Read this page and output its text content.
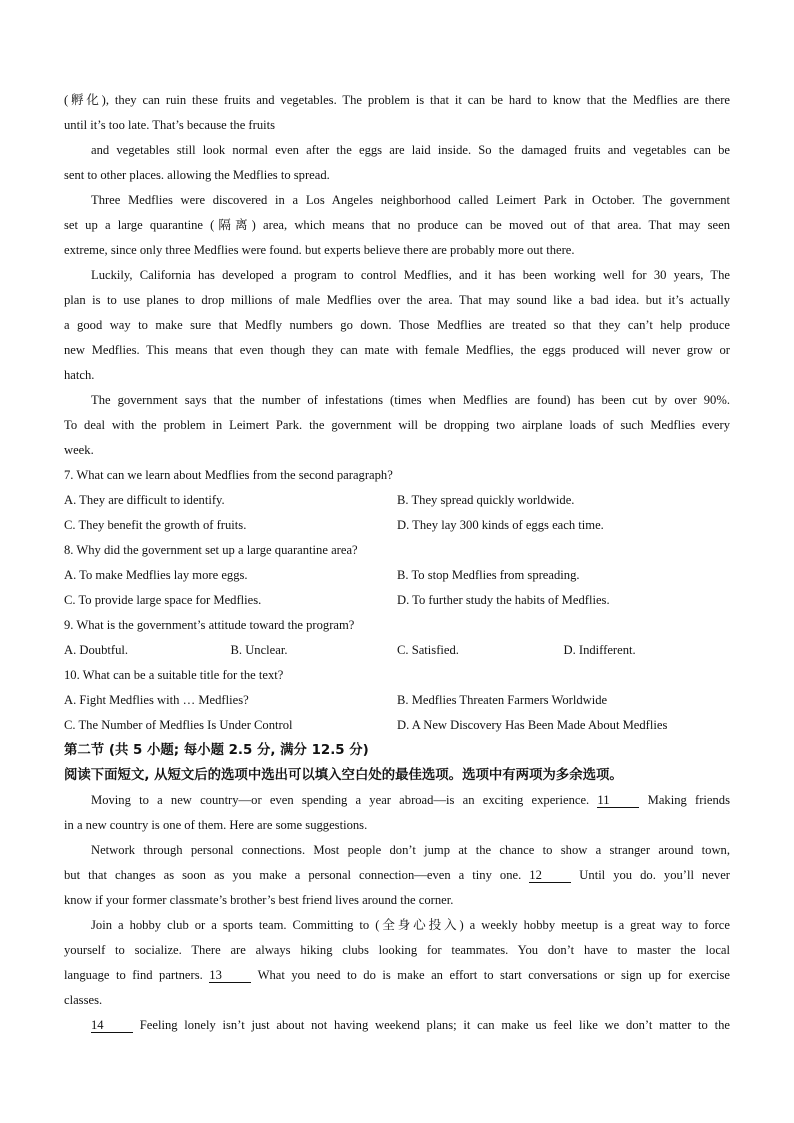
(孵化), they can ruin these fruits and vegetables. The problem is that it can be hard to know that the Medflies are there
until it’s too late. That’s because the fruits
and vegetables still look normal even after the eggs are laid inside. So the damaged fruits and vegetables can be
sent to other places. allowing the Medflies to spread.
Three Medflies were discovered in a Los Angeles neighborhood called Leimert Park in October. The government
set up a large quarantine (隔离) area, which means that no produce can be moved out of that area. That may seen
extreme, since only three Medflies were found. but experts believe there are probably more out there.
Luckily, California has developed a program to control Medflies, and it has been working well for 30 years, The
plan is to use planes to drop millions of male Medflies over the area. That may sound like a bad idea. but it’s actually
a good way to make sure that Medfly numbers go down. Those Medflies are treated so that they can’t help produce
new Medflies. This means that even though they can mate with female Medflies, the eggs produced will never grow or
hatch.
The government says that the number of infestations (times when Medflies are found) has been cut by over 90%.
To deal with the problem in Leimert Park. the government will be dropping two airplane loads of such Medflies every
week.
7. What can we learn about Medflies from the second paragraph?
A. They are difficult to identify.	B. They spread quickly worldwide.
C. They benefit the growth of fruits.	D. They lay 300 kinds of eggs each time.
8. Why did the government set up a large quarantine area?
A. To make Medflies lay more eggs.	B. To stop Medflies from spreading.
C. To provide large space for Medflies.	D. To further study the habits of Medflies.
9. What is the government’s attitude toward the program?
A. Doubtful.	B. Unclear.	C. Satisfied.	D. Indifferent.
10. What can be a suitable title for the text?
A. Fight Medflies with … Medflies?	B. Medflies Threaten Farmers Worldwide
C. The Number of Medflies Is Under Control	D. A New Discovery Has Been Made About Medflies
第二节 (共 5 小题; 每小题 2.5 分, 满分 12.5 分)
阅读下面短文, 从短文后的选项中选出可以填入空白处的最佳选项。选项中有两项为多余选项。
Moving to a new country—or even spending a year abroad—is an exciting experience. 11	Making friends
in a new country is one of them. Here are some suggestions.
Network through personal connections. Most people don’t jump at the chance to show a stranger around town,
but that changes as soon as you make a personal connection—even a tiny one. 12	Until you do. you’ll never
know if your former classmate’s brother’s best friend lives around the corner.
Join a hobby club or a sports team. Committing to (全身心投入) a weekly hobby meetup is a great way to force
yourself to socialize. There are always hiking clubs looking for teammates. You don’t have to master the local
language to find partners. 13	What you need to do is make an effort to start conversations or sign up for exercise
classes.
14	Feeling lonely isn’t just about not having weekend plans; it can make us feel like we don’t matter to the
